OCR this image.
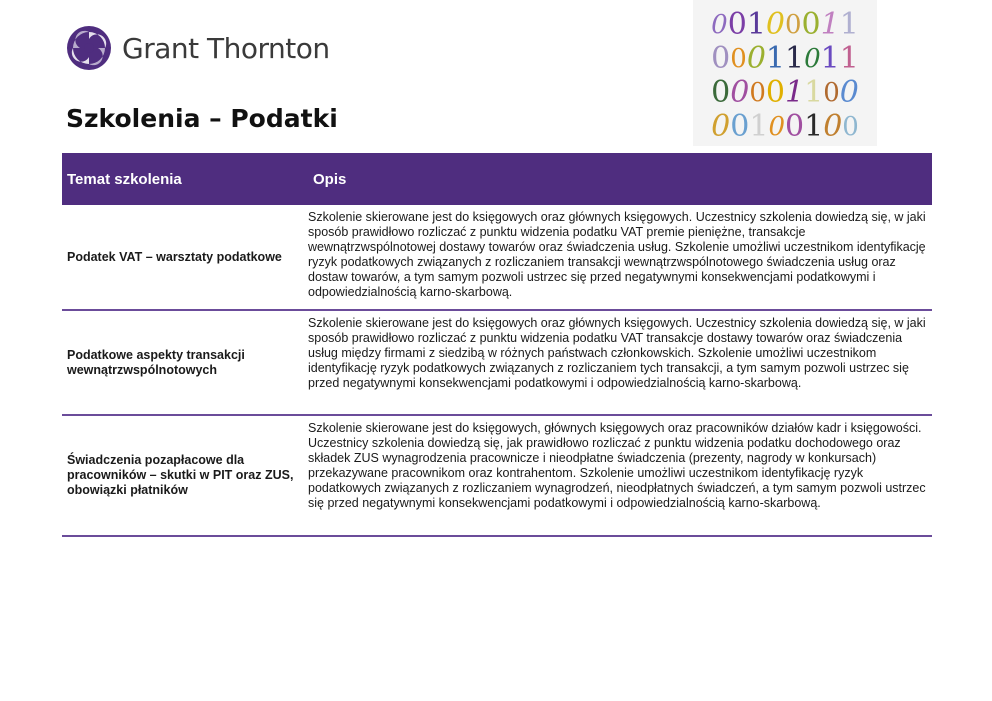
Grant Thornton
0 0 1 0 0 0 1 1
0 0 0 1 1 0 1 1
0 0 0 0 1 1 0 0
0 0 1 0 0 1 0 0
Szkolenia – Podatki
Temat szkolenia	Opis
Podatek VAT – warsztaty podatkowe
Szkolenie skierowane jest do księgowych oraz głównych księgowych. Uczestnicy szkolenia dowiedzą się, w jaki sposób prawidłowo rozliczać z punktu widzenia podatku VAT premie pieniężne, transakcje wewnątrzwspólnotowej dostawy towarów oraz świadczenia usług. Szkolenie umożliwi uczestnikom identyfikację ryzyk podatkowych związanych z rozliczaniem transakcji wewnątrzwspólnotowego świadczenia usług oraz dostaw towarów, a tym samym pozwoli ustrzec się przed negatywnymi konsekwencjami podatkowymi i odpowiedzialnością karno-skarbową.
Podatkowe aspekty transakcji wewnątrzwspólnotowych
Szkolenie skierowane jest do księgowych oraz głównych księgowych. Uczestnicy szkolenia dowiedzą się, w jaki sposób prawidłowo rozliczać z punktu widzenia podatku VAT transakcje dostawy towarów oraz świadczenia usług między firmami z siedzibą w różnych państwach członkowskich. Szkolenie umożliwi uczestnikom identyfikację ryzyk podatkowych związanych z rozliczaniem tych transakcji, a tym samym pozwoli ustrzec się przed negatywnymi konsekwencjami podatkowymi i odpowiedzialnością karno-skarbową.
Świadczenia pozapłacowe dla pracowników – skutki w PIT oraz ZUS, obowiązki płatników
Szkolenie skierowane jest do księgowych, głównych księgowych oraz pracowników działów kadr i księgowości. Uczestnicy szkolenia dowiedzą się, jak prawidłowo rozliczać z punktu widzenia podatku dochodowego oraz składek ZUS wynagrodzenia pracownicze i nieodpłatne świadczenia (prezenty, nagrody w konkursach) przekazywane pracownikom oraz kontrahentom. Szkolenie umożliwi uczestnikom identyfikację ryzyk podatkowych związanych z rozliczaniem wynagrodzeń, nieodpłatnych świadczeń, a tym samym pozwoli ustrzec się przed negatywnymi konsekwencjami podatkowymi i odpowiedzialnością karno-skarbową.
